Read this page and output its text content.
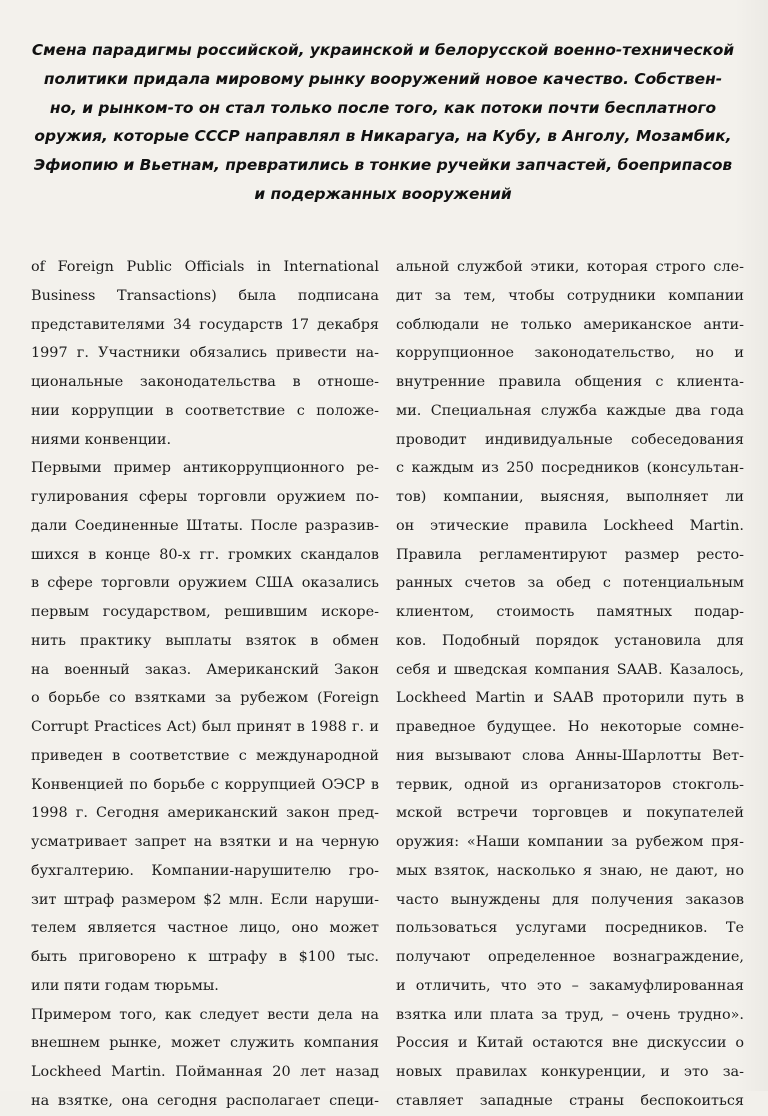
Смена парадигмы российской, украинской и белорусской военно-технической
политики придала мировому рынку вооружений новое качество. Собствен-
но, и рынком-то он стал только после того, как потоки почти бесплатного
оружия, которые СССР направлял в Никарагуа, на Кубу, в Анголу, Мозамбик,
Эфиопию и Вьетнам, превратились в тонкие ручейки запчастей, боеприпасов
и подержанных вооружений
of Foreign Public Officials in International
Business Transactions) была подписана
представителями 34 государств 17 декабря
1997 г. Участники обязались привести на-
циональные законодательства в отноше-
нии коррупции в соответствие с положе-
ниями конвенции.
Первыми пример антикоррупционного ре-
гулирования сферы торговли оружием по-
дали Соединенные Штаты. После разразив-
шихся в конце 80-х гг. громких скандалов
в сфере торговли оружием США оказались
первым государством, решившим искоре-
нить практику выплаты взяток в обмен
на военный заказ. Американский Закон
о борьбе со взятками за рубежом (Foreign
Corrupt Practices Act) был принят в 1988 г. и
приведен в соответствие с международной
Конвенцией по борьбе с коррупцией ОЭСР в
1998 г. Сегодня американский закон пред-
усматривает запрет на взятки и на черную
бухгалтерию. Компании-нарушителю гро-
зит штраф размером $2 млн. Если наруши-
телем является частное лицо, оно может
быть приговорено к штрафу в $100 тыс.
или пяти годам тюрьмы.
Примером того, как следует вести дела на
внешнем рынке, может служить компания
Lockheed Martin. Пойманная 20 лет назад
на взятке, она сегодня располагает специ-
альной службой этики, которая строго сле-
дит за тем, чтобы сотрудники компании
соблюдали не только американское анти-
коррупционное законодательство, но и
внутренние правила общения с клиента-
ми. Специальная служба каждые два года
проводит индивидуальные собеседования
с каждым из 250 посредников (консультан-
тов) компании, выясняя, выполняет ли
он этические правила Lockheed Martin.
Правила регламентируют размер ресто-
ранных счетов за обед с потенциальным
клиентом, стоимость памятных подар-
ков. Подобный порядок установила для
себя и шведская компания SAAB. Казалось,
Lockheed Martin и SAAB проторили путь в
праведное будущее. Но некоторые сомне-
ния вызывают слова Анны-Шарлотты Вет-
тервик, одной из организаторов стокголь-
мской встречи торговцев и покупателей
оружия: «Наши компании за рубежом пря-
мых взяток, насколько я знаю, не дают, но
часто вынуждены для получения заказов
пользоваться услугами посредников. Те
получают определенное вознаграждение,
и отличить, что это – закамуфлированная
взятка или плата за труд, – очень трудно».
Россия и Китай остаются вне дискуссии о
новых правилах конкуренции, и это за-
ставляет западные страны беспокоиться
